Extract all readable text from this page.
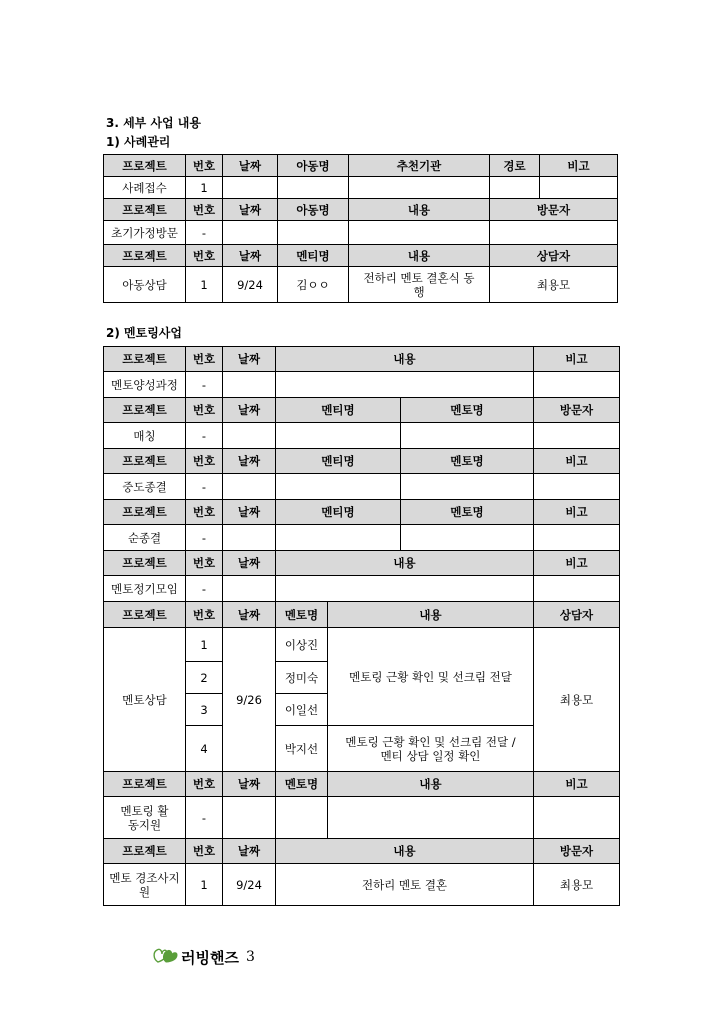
3. 세부 사업 내용
1) 사례관리
프로젝트	번호	날짜	아동명	추천기관	경로	비고
사례접수	1					
프로젝트	번호	날짜	아동명	내용	방문자	
초기가정방문	-					
프로젝트	번호	날짜	멘티명	내용	상담자	
아동상담	1	9/24	김ㅇㅇ	전하리 멘토 결혼식 동행	최용모	
2) 멘토링사업
프로젝트	번호	날짜	내용			비고
멘토양성과정	-					
프로젝트	번호	날짜	멘티명		멘토명	방문자
매칭	-					
프로젝트	번호	날짜	멘티명		멘토명	비고
중도종결	-					
프로젝트	번호	날짜	멘티명		멘토명	비고
순종결	-					
프로젝트	번호	날짜	내용			비고
멘토정기모임	-					
프로젝트	번호	날짜	멘토명	내용		상담자
멘토상담	1	9/26	이상진	멘토링 근황 확인 및 선크림 전달		최용모
	2		정미숙			
	3		이일선			
	4		박지선	멘토링 근황 확인 및 선크림 전달 / 멘티 상담 일정 확인		
프로젝트	번호	날짜	멘토명	내용		비고
멘토링 활동지원	-					
프로젝트	번호	날짜	내용			방문자
멘토 경조사지원	1	9/24	전하리 멘토 결혼			최용모
러빙핸즈 3
